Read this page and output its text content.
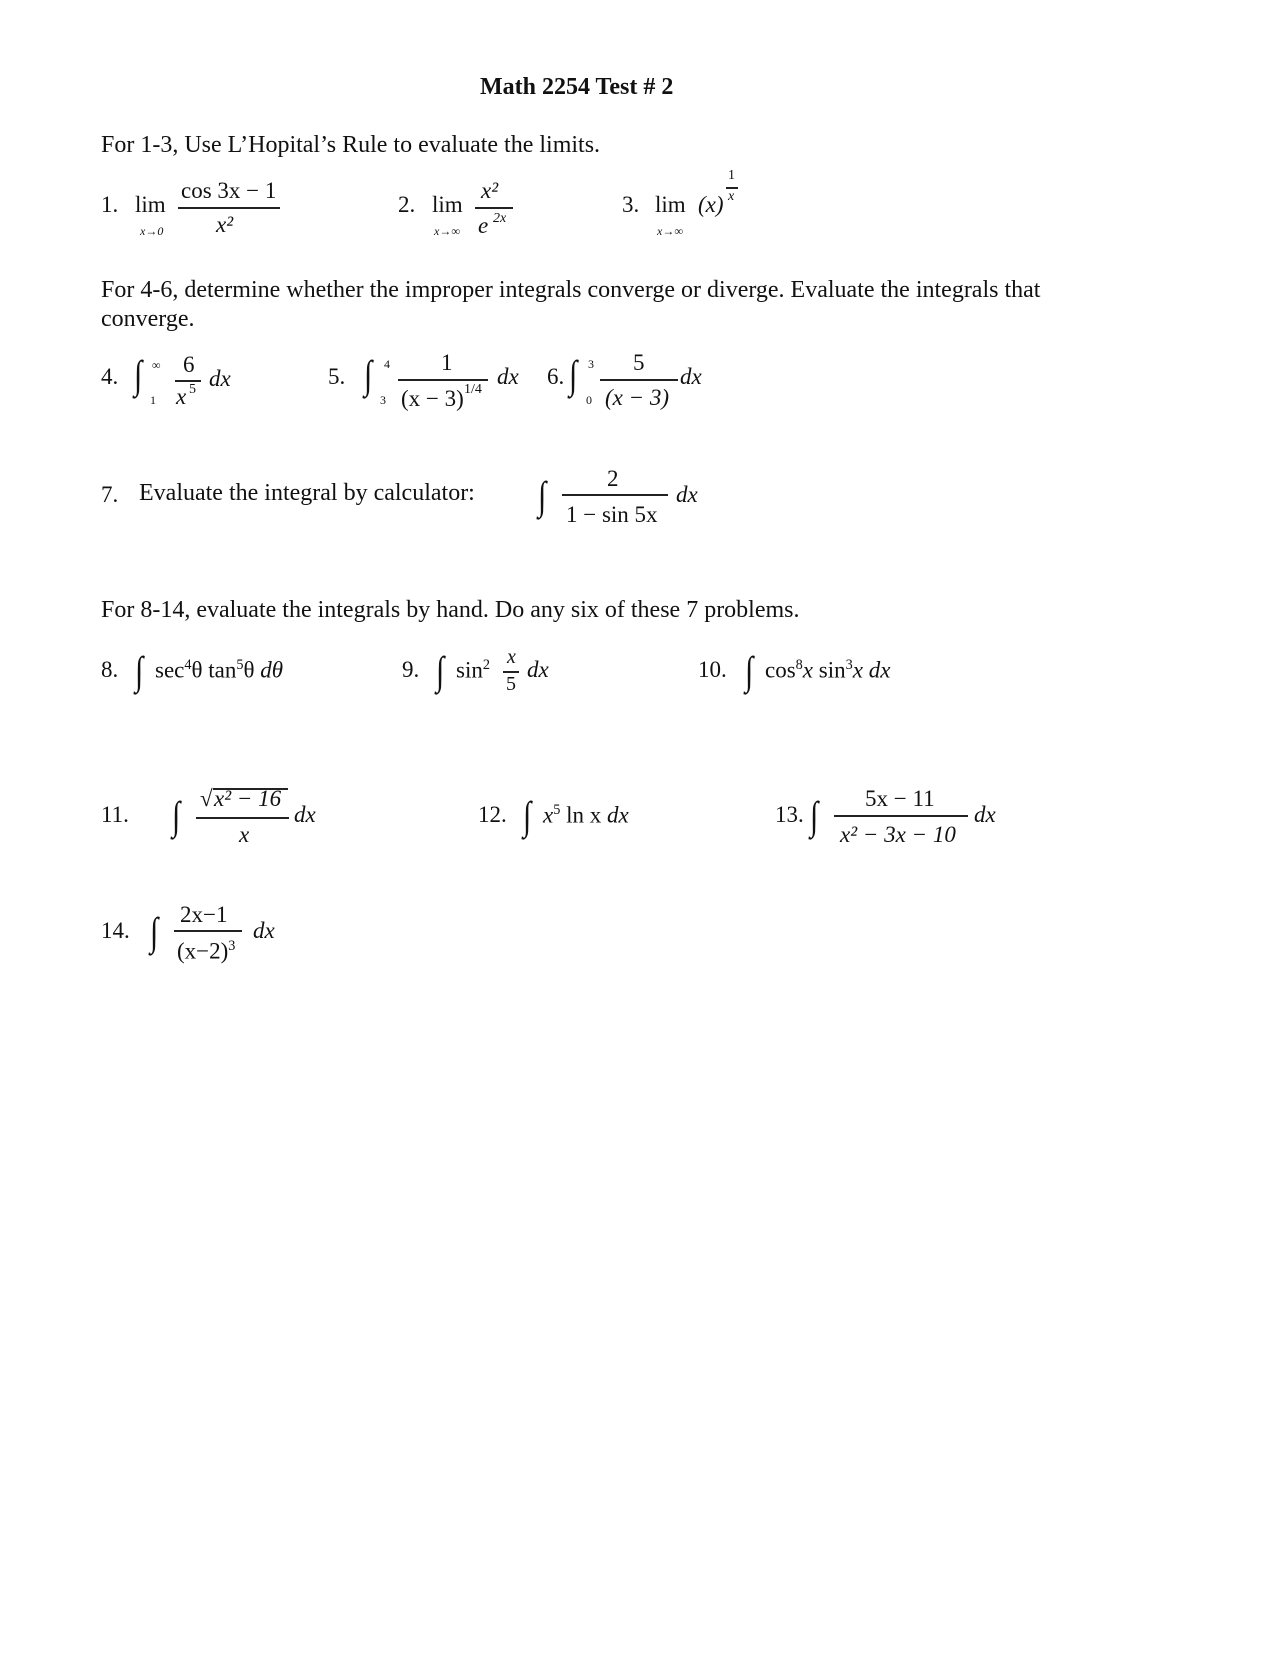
Math 2254 Test # 2
For 1-3, Use L’Hopital’s Rule to evaluate the limits.
1. lim
x→0
cos 3x − 1
x²
2. lim
x→∞
x²
e 2x
3. lim
x→∞
(x)
1
x
For 4-6, determine whether the improper integrals converge or diverge. Evaluate the integrals that
converge.
4. ∫ ∞
1
6
x 5 dx	5. ∫ 4
3
1
(x − 3) 1/4
dx 6. ∫ 3
0
5
(x − 3)
dx
7. Evaluate the integral by calculator: ∫	2
1 − sin 5x
dx
For 8-14, evaluate the integrals by hand. Do any six of these 7 problems.
8. ∫ $\sec^4\theta$ $\tan^5\theta$ dθ	9. ∫ $\sin^2 x$
5
dx	10. ∫ $\cos^8x$ $\sin^3x$ dx
11. ∫ √ x² − 16
x
dx	12. ∫ $x^5$ ln x dx	13. ∫ 5x − 11
x² − 3x − 10
dx
14. ∫ 2x−1
$(x-2)^3$
dx
